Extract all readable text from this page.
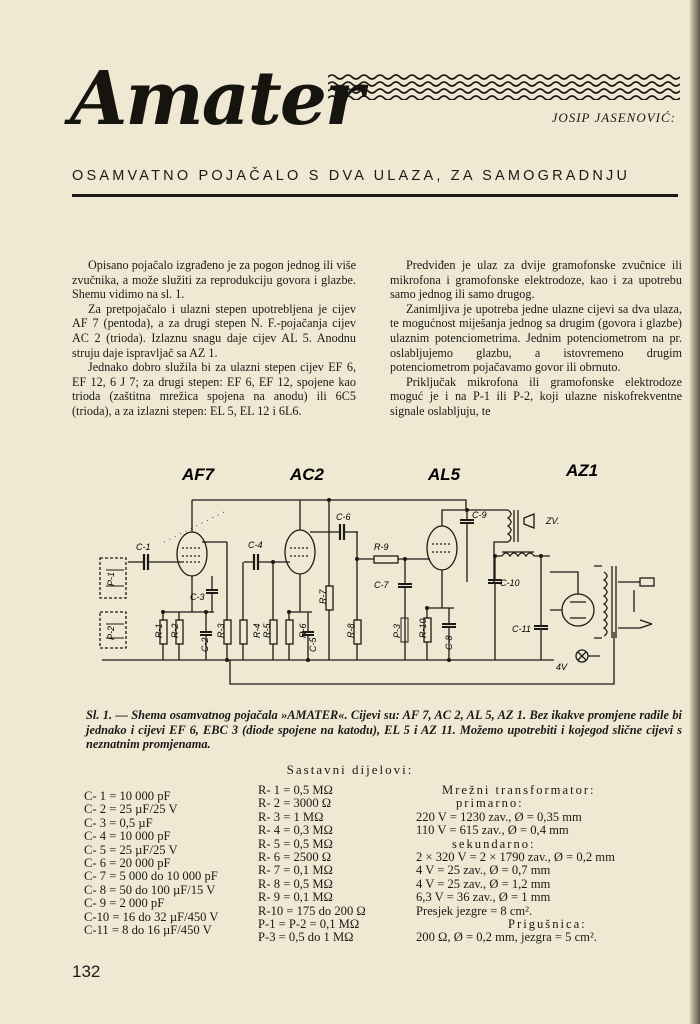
Amater	JOSIP JASENOVIĆ:
OSAMVATNO POJAČALO S DVA ULAZA, ZA SAMOGRADNJU

Opisano pojačalo izgrađeno je za pogon jednog ili više zvučnika, a može služiti za reprodukciju govora i glazbe. Shemu vidimo na sl. 1.

Za pretpojačalo i ulazni stepen upotrebljena je cijev AF 7 (pentoda), a za drugi stepen N. F.-pojačanja cijev AC 2 (trioda). Izlaznu snagu daje cijev AL 5. Anodnu struju daje ispravljač sa AZ 1.

Jednako dobro služila bi za ulazni stepen cijev EF 6, EF 12, 6 J 7; za drugi stepen: EF 6, EF 12, spojene kao trioda (zaštitna mrežica spojena na anodu) ili 6C5 (trioda), a za izlazni stepen: EL 5, EL 12 i 6L6.

Predviđen je ulaz za dvije gramofonske zvučnice ili mikrofona i gramofonske elektrodoze, kao i za upotrebu samo jednog ili samo drugog.

Zanimljiva je upotreba jedne ulazne cijevi sa dva ulaza, te mogućnost miješanja jednog sa drugim (govora i glazbe) ulaznim potenciometrima. Jednim potenciometrom na pr. oslabljujemo glazbu, a istovremeno drugim potenciometrom pojačavamo govor ili obrnuto.

Priključak mikrofona ili gramofonske elektrodoze moguć je i na P-1 ili P-2, koji ulazne niskofrekventne signale oslabljuju, te

AF7	AC2	AL5	AZ1
C-1
C-3
C-4
C-6
R-9
C-7
C-9
ZV.
C-10
C-11
4V
P-1
P-2	R-1 R-2
C-2
R-3	R-4 R-5	R-6
C-5
R-7
R-8	P-3 R-10
C-8
Sl. 1. — Shema osamvatnog pojačala »AMATER«. Cijevi su: AF 7, AC 2, AL 5, AZ 1. Bez ikakve promjene radile bi jednako i cijevi EF 6, EBC 3 (diode spojene na katodu), EL 5 i AZ 11. Možemo upotrebiti i kojegod slične cijevi s neznatnim promjenama.
Sastavni dijelovi:
C- 1 = 10 000 pF
C- 2 = 25 µF/25 V
C- 3 = 0,5 µF
C- 4 = 10 000 pF
C- 5 = 25 µF/25 V
C- 6 = 20 000 pF
C- 7 = 5 000 do 10 000 pF
C- 8 = 50 do 100 µF/15 V
C- 9 = 2 000 pF
C-10 = 16 do 32 µF/450 V
C-11 = 8 do 16 µF/450 V
R- 1 = 0,5 MΩ
R- 2 = 3000 Ω
R- 3 = 1 MΩ
R- 4 = 0,3 MΩ
R- 5 = 0,5 MΩ
R- 6 = 2500 Ω
R- 7 = 0,1 MΩ
R- 8 = 0,5 MΩ
R- 9 = 0,1 MΩ
R-10 = 175 do 200 Ω
P-1 = P-2 = 0,1 MΩ
P-3 = 0,5 do 1 MΩ
Mrežni transformator:
primarno:
220 V = 1230 zav., Ø = 0,35 mm
110 V = 615 zav., Ø = 0,4 mm
sekundarno:
2 × 320 V = 2 × 1790 zav., Ø = 0,2 mm
4 V = 25 zav., Ø = 0,7 mm
4 V = 25 zav., Ø = 1,2 mm
6,3 V = 36 zav., Ø = 1 mm
Presjek jezgre = 8 cm².
Prigušnica:
200 Ω, Ø = 0,2 mm, jezgra = 5 cm².
132
